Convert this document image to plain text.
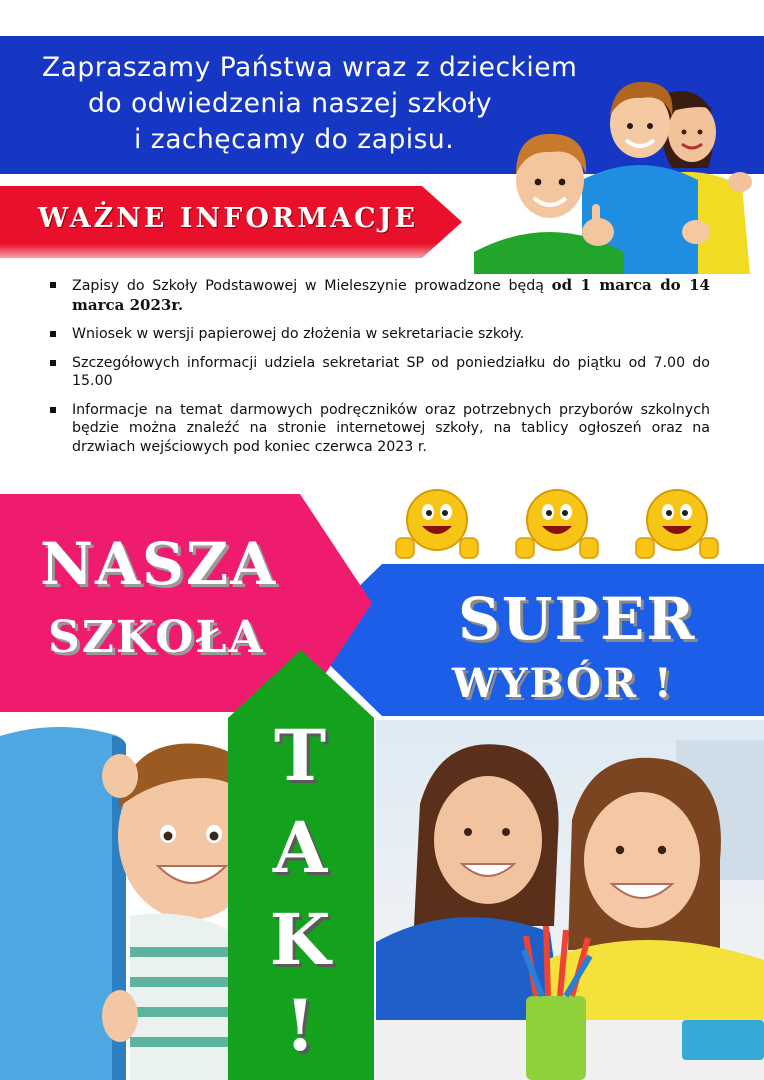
Zapraszamy Państwa wraz z dzieckiem
do odwiedzenia naszej szkoły
i zachęcamy do zapisu.
WAŻNE INFORMACJE
Zapisy do Szkoły Podstawowej w Mieleszynie prowadzone będą od 1 marca do 14 marca 2023r.
Wniosek w wersji papierowej do złożenia w sekretariacie szkoły.
Szczegółowych informacji udziela sekretariat SP od poniedziałku do piątku od 7.00 do 15.00
Informacje na temat darmowych podręczników oraz potrzebnych przyborów szkolnych będzie można znaleźć na stronie internetowej szkoły, na tablicy ogłoszeń oraz na drzwiach wejściowych pod koniec czerwca 2023 r.
NASZA
SZKOŁA	SUPER
WYBÓR !
T
A
K
!
